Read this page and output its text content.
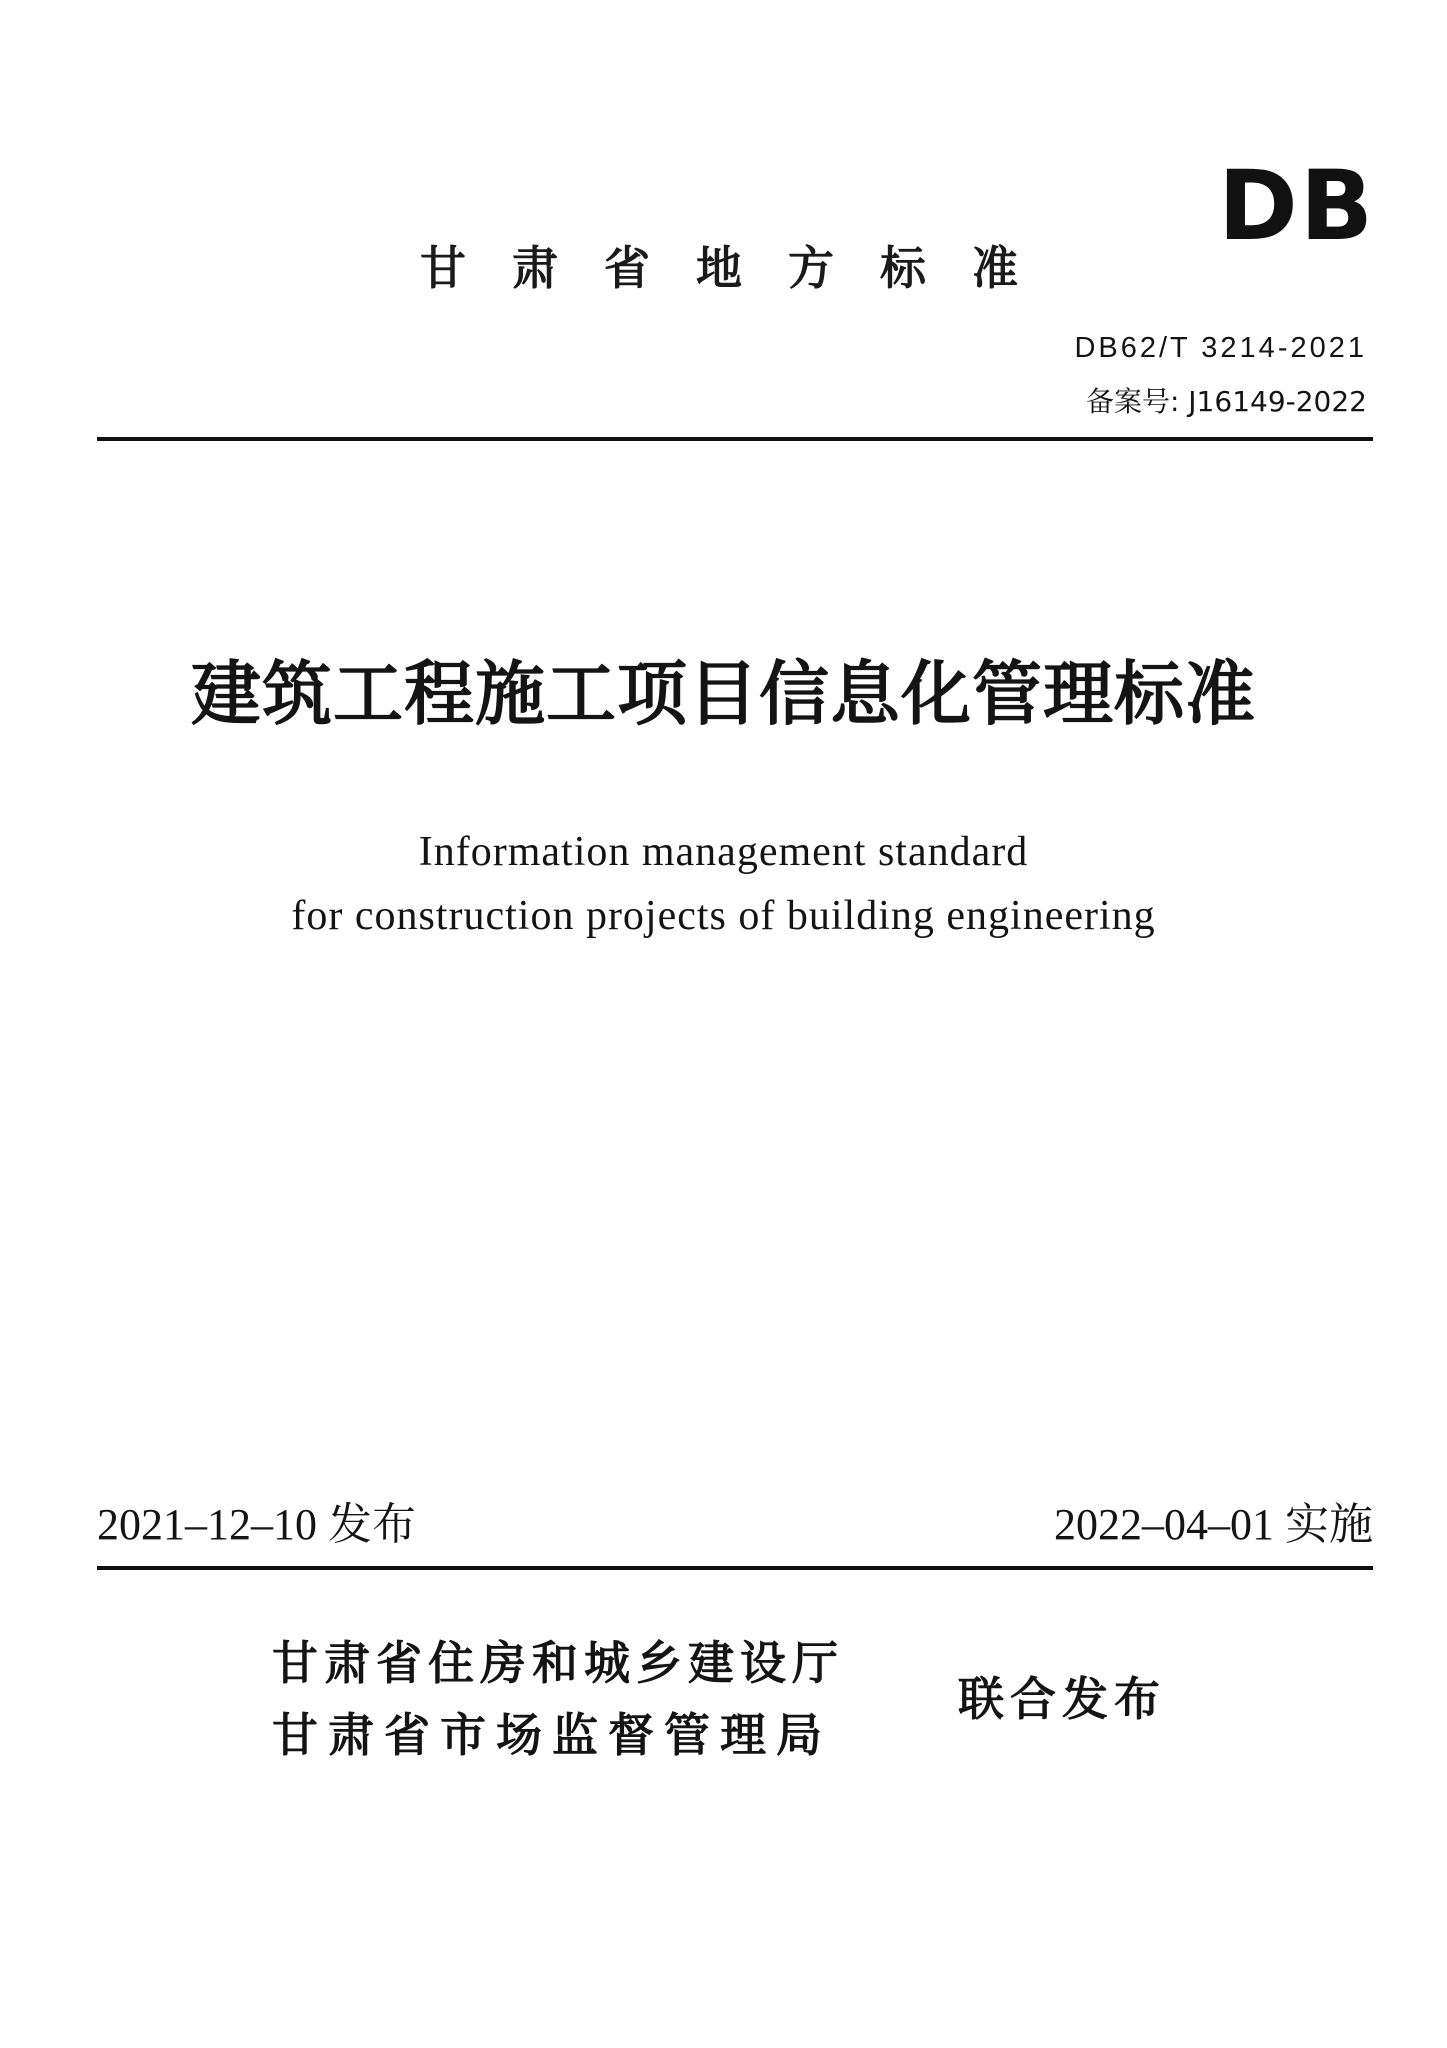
DB
甘肃省地方标准
DB62/T 3214-2021
备案号: J16149-2022
建筑工程施工项目信息化管理标准
Information management standard
for construction projects of building engineering
2021–12–10 发布	2022–04–01 实施
甘肃省住房和城乡建设厅
甘肃省市场监督管理局
联合发布
